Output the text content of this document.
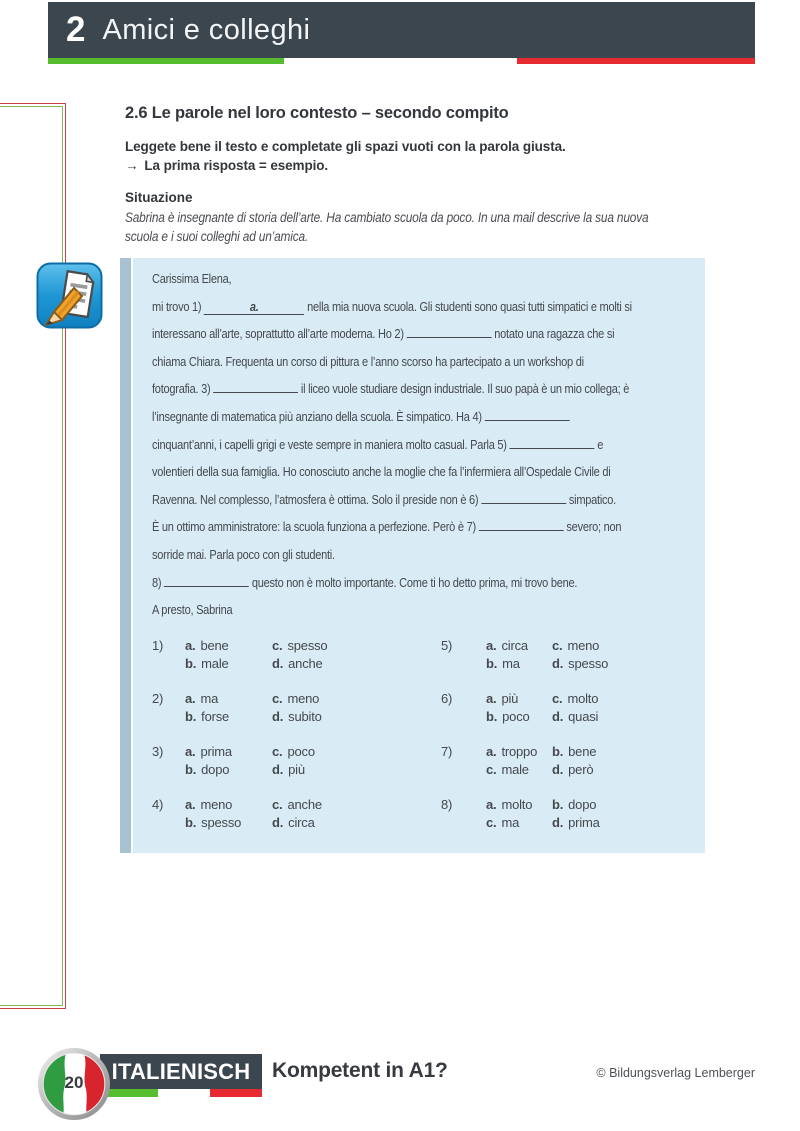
2 Amici e colleghi
2.6 Le parole nel loro contesto – secondo compito
Leggete bene il testo e completate gli spazi vuoti con la parola giusta.
→ La prima risposta = esempio.
Situazione
Sabrina è insegnante di storia dell’arte. Ha cambiato scuola da poco. In una mail descrive la sua nuova
scuola e i suoi colleghi ad un’amica.
Carissima Elena,
mi trovo 1)	a.	nella mia nuova scuola. Gli studenti sono quasi tutti simpatici e molti si
interessano all’arte, soprattutto all’arte moderna. Ho 2)	notato una ragazza che si
chiama Chiara. Frequenta un corso di pittura e l’anno scorso ha partecipato a un workshop di
fotografia. 3)	il liceo vuole studiare design industriale. Il suo papà è un mio collega; è
l’insegnante di matematica più anziano della scuola. È simpatico. Ha 4)
cinquant’anni, i capelli grigi e veste sempre in maniera molto casual. Parla 5)	e
volentieri della sua famiglia. Ho conosciuto anche la moglie che fa l’infermiera all’Ospedale Civile di
Ravenna. Nel complesso, l’atmosfera è ottima. Solo il preside non è 6)	simpatico.
È un ottimo amministratore: la scuola funziona a perfezione. Però è 7)	severo; non
sorride mai. Parla poco con gli studenti.
8)	questo non è molto importante. Come ti ho detto prima, mi trovo bene.
A presto, Sabrina
1)	a. bene	c. spesso
b. male	d. anche
2)	a. ma	c. meno
b. forse	d. subito
3)	a. prima	c. poco
b. dopo	d. più
4)	a. meno	c. anche
b. spesso	d. circa
5)	a. circa	c. meno
b. ma	d. spesso
6)	a. più	c. molto
b. poco	d. quasi
7)	a. troppo	b. bene
c. male	d. però
8)	a. molto	b. dopo
c. ma	d. prima
20	ITALIENISCH Kompetent in A1?	© Bildungsverlag Lemberger
